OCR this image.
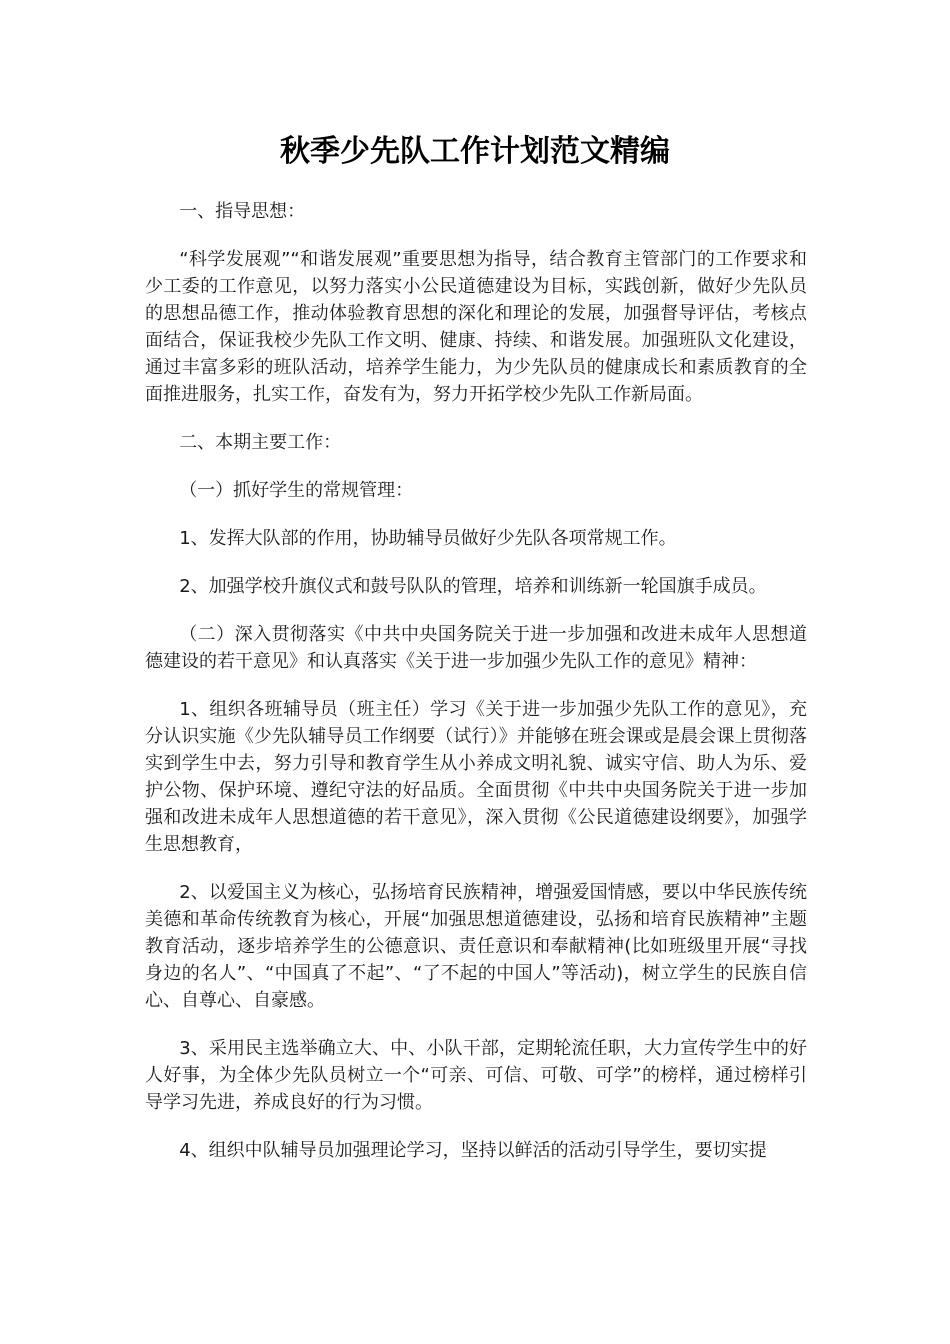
秋季少先队工作计划范文精编

一、指导思想：

“科学发展观”“和谐发展观”重要思想为指导，结合教育主管部门的工作要求和少工委的工作意见，以努力落实小公民道德建设为目标，实践创新，做好少先队员的思想品德工作，推动体验教育思想的深化和理论的发展，加强督导评估，考核点面结合，保证我校少先队工作文明、健康、持续、和谐发展。加强班队文化建设，通过丰富多彩的班队活动，培养学生能力，为少先队员的健康成长和素质教育的全面推进服务，扎实工作，奋发有为，努力开拓学校少先队工作新局面。

二、本期主要工作：

（一）抓好学生的常规管理：

1、发挥大队部的作用，协助辅导员做好少先队各项常规工作。

2、加强学校升旗仪式和鼓号队队的管理，培养和训练新一轮国旗手成员。

（二）深入贯彻落实《中共中央国务院关于进一步加强和改进未成年人思想道德建设的若干意见》和认真落实《关于进一步加强少先队工作的意见》精神：

1、组织各班辅导员（班主任）学习《关于进一步加强少先队工作的意见》，充分认识实施《少先队辅导员工作纲要（试行）》并能够在班会课或是晨会课上贯彻落实到学生中去，努力引导和教育学生从小养成文明礼貌、诚实守信、助人为乐、爱护公物、保护环境、遵纪守法的好品质。全面贯彻《中共中央国务院关于进一步加强和改进未成年人思想道德的若干意见》，深入贯彻《公民道德建设纲要》，加强学生思想教育，

2、以爱国主义为核心，弘扬培育民族精神，增强爱国情感，要以中华民族传统美德和革命传统教育为核心，开展“加强思想道德建设，弘扬和培育民族精神”主题教育活动，逐步培养学生的公德意识、责任意识和奉献精神(比如班级里开展“寻找身边的名人”、“中国真了不起”、“了不起的中国人”等活动)，树立学生的民族自信心、自尊心、自豪感。

3、采用民主选举确立大、中、小队干部，定期轮流任职，大力宣传学生中的好人好事，为全体少先队员树立一个“可亲、可信、可敬、可学”的榜样，通过榜样引导学习先进，养成良好的行为习惯。

4、组织中队辅导员加强理论学习，坚持以鲜活的活动引导学生，要切实提
